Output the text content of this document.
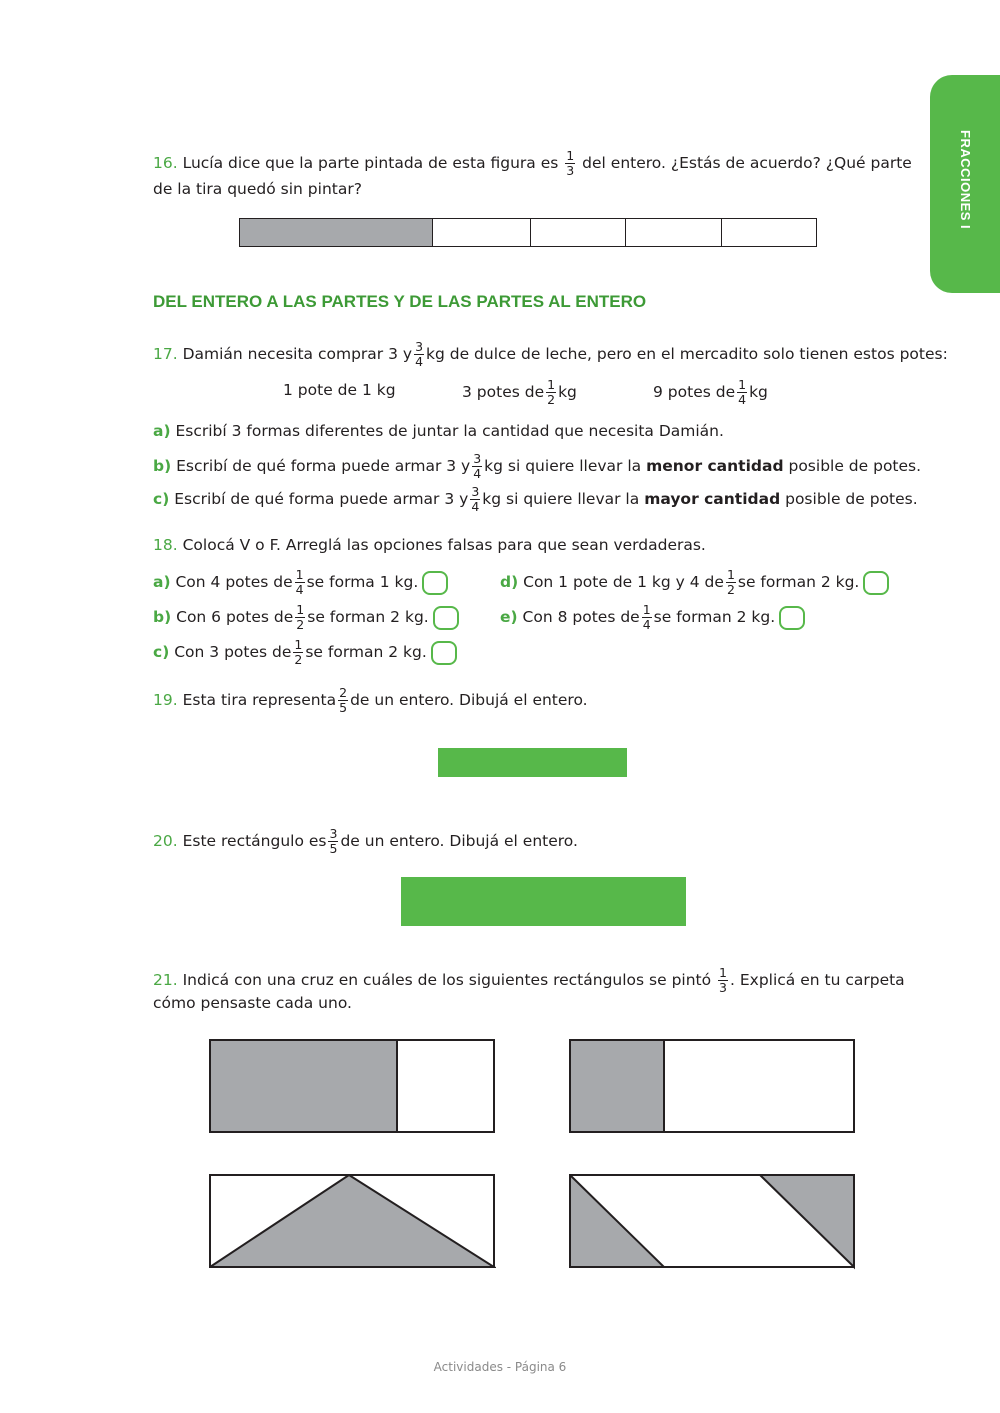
FRACCIONES I
16. Lucía dice que la parte pintada de esta figura es $\frac{1}{3}$ del entero. ¿Estás de acuerdo? ¿Qué parte
de la tira quedó sin pintar?
DEL ENTERO A LAS PARTES Y DE LAS PARTES AL ENTERO
17. Damián necesita comprar 3 y $\frac{3}{4}$ kg de dulce de leche, pero en el mercadito solo tienen estos potes:
1 pote de 1 kg	3 potes de $\frac{1}{2}$ kg	9 potes de $\frac{1}{4}$ kg
a) Escribí 3 formas diferentes de juntar la cantidad que necesita Damián.
b) Escribí de qué forma puede armar 3 y $\frac{3}{4}$ kg si quiere llevar la menor cantidad posible de potes.
c) Escribí de qué forma puede armar 3 y $\frac{3}{4}$ kg si quiere llevar la mayor cantidad posible de potes.
18. Colocá V o F. Arreglá las opciones falsas para que sean verdaderas.
a) Con 4 potes de $\frac{1}{4}$ se forma 1 kg.
b) Con 6 potes de $\frac{1}{2}$ se forman 2 kg.
c) Con 3 potes de $\frac{1}{2}$ se forman 2 kg.
d) Con 1 pote de 1 kg y 4 de $\frac{1}{2}$ se forman 2 kg.
e) Con 8 potes de $\frac{1}{4}$ se forman 2 kg.
19. Esta tira representa $\frac{2}{5}$ de un entero. Dibujá el entero.
20. Este rectángulo es $\frac{3}{5}$ de un entero. Dibujá el entero.
21. Indicá con una cruz en cuáles de los siguientes rectángulos se pintó $\frac{1}{3}$ . Explicá en tu carpeta
cómo pensaste cada uno.
Actividades - Página 6
